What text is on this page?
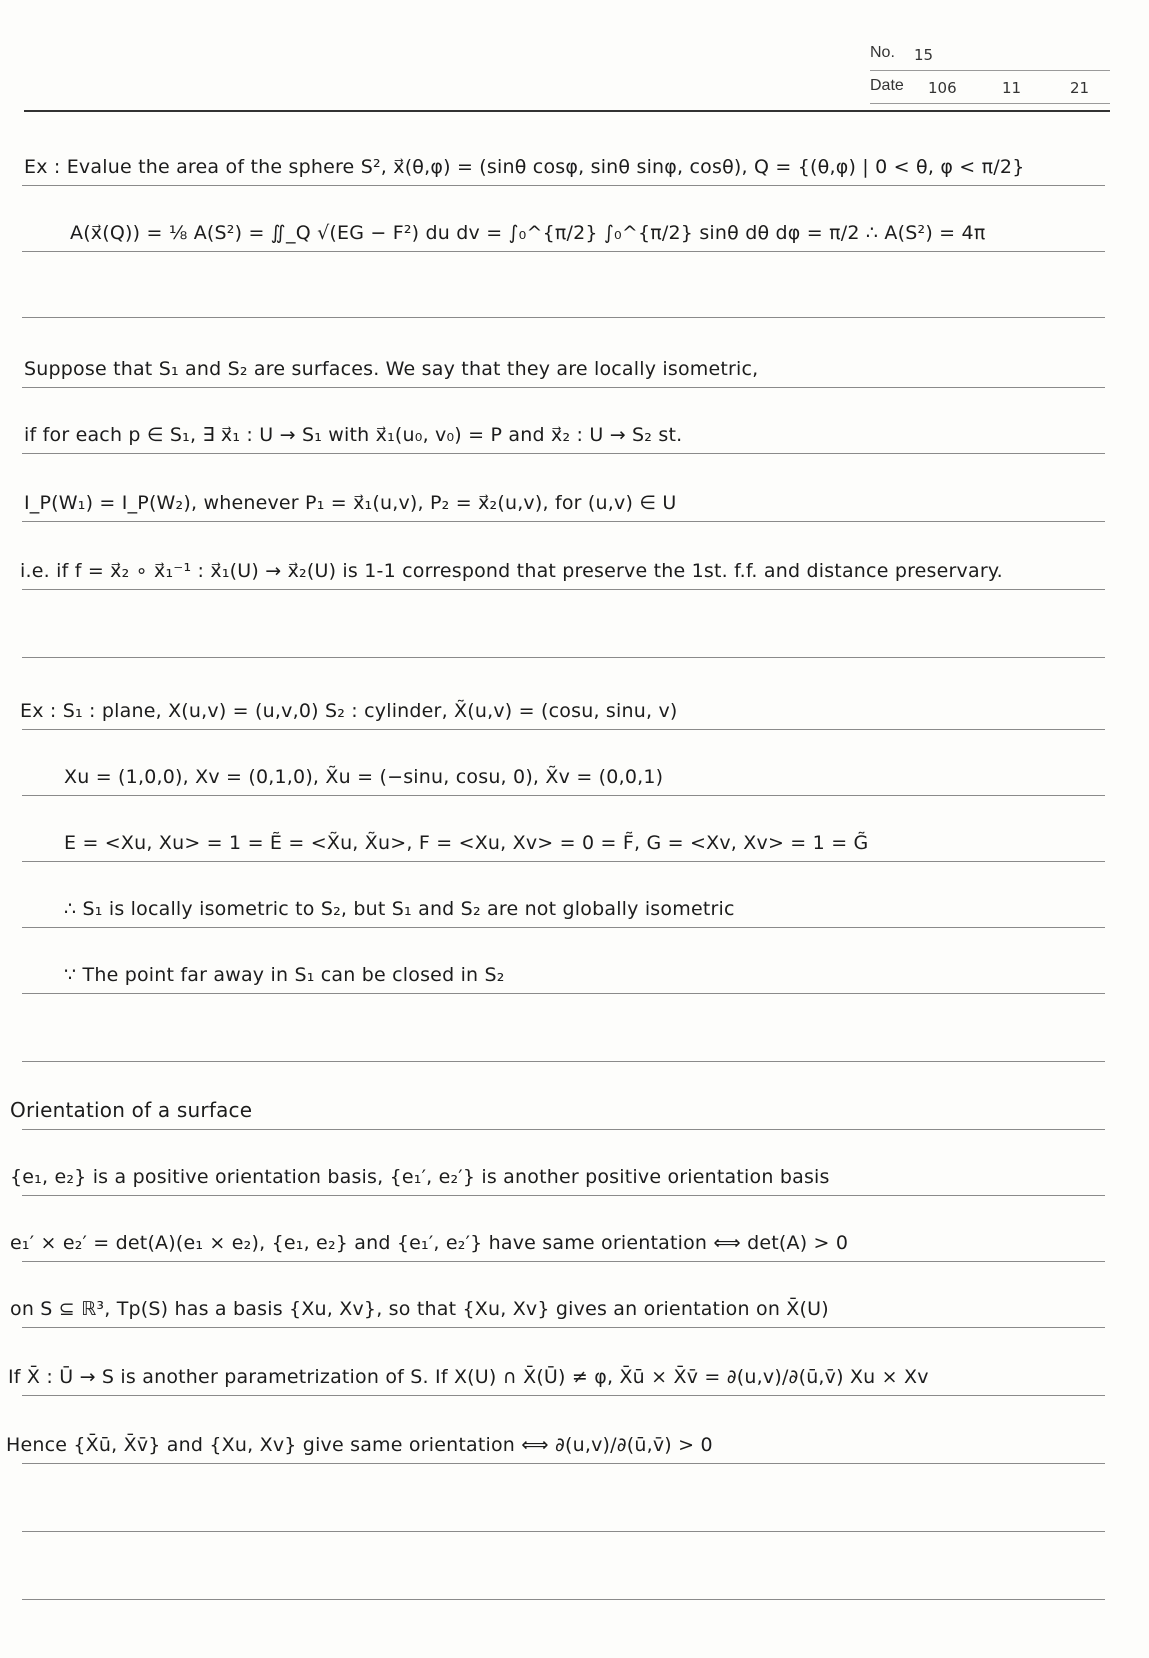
No. 15
Date 106	11	21
Ex : Evalue the area of the sphere S², x⃗(θ,φ) = (sinθ cosφ, sinθ sinφ, cosθ), Q = {(θ,φ) | 0 < θ, φ < π/2}
A(x⃗(Q)) = ⅛ A(S²) = ∬_Q √(EG − F²) du dv = ∫₀^{π/2} ∫₀^{π/2} sinθ dθ dφ = π/2 ∴ A(S²) = 4π
Suppose that S₁ and S₂ are surfaces. We say that they are locally isometric,
if for each p ∈ S₁, ∃ x⃗₁ : U → S₁ with x⃗₁(u₀, v₀) = P and x⃗₂ : U → S₂ st.
I_P(W₁) = I_P(W₂), whenever P₁ = x⃗₁(u,v), P₂ = x⃗₂(u,v), for (u,v) ∈ U
i.e. if f = x⃗₂ ∘ x⃗₁⁻¹ : x⃗₁(U) → x⃗₂(U) is 1-1 correspond that preserve the 1st. f.f. and distance preservary.
Ex : S₁ : plane, X(u,v) = (u,v,0) S₂ : cylinder, X̃(u,v) = (cosu, sinu, v)
Xu = (1,0,0), Xv = (0,1,0), X̃u = (−sinu, cosu, 0), X̃v = (0,0,1)
E = <Xu, Xu> = 1 = Ẽ = <X̃u, X̃u>, F = <Xu, Xv> = 0 = F̃, G = <Xv, Xv> = 1 = G̃
∴ S₁ is locally isometric to S₂, but S₁ and S₂ are not globally isometric
∵ The point far away in S₁ can be closed in S₂
Orientation of a surface
{e₁, e₂} is a positive orientation basis, {e₁′, e₂′} is another positive orientation basis
e₁′ × e₂′ = det(A)(e₁ × e₂), {e₁, e₂} and {e₁′, e₂′} have same orientation ⟺ det(A) > 0
on S ⊆ ℝ³, Tp(S) has a basis {Xu, Xv}, so that {Xu, Xv} gives an orientation on X̄(U)
If X̄ : Ū → S is another parametrization of S. If X(U) ∩ X̄(Ū) ≠ φ, X̄ū × X̄v̄ = ∂(u,v)/∂(ū,v̄) Xu × Xv
Hence {X̄ū, X̄v̄} and {Xu, Xv} give same orientation ⟺ ∂(u,v)/∂(ū,v̄) > 0
